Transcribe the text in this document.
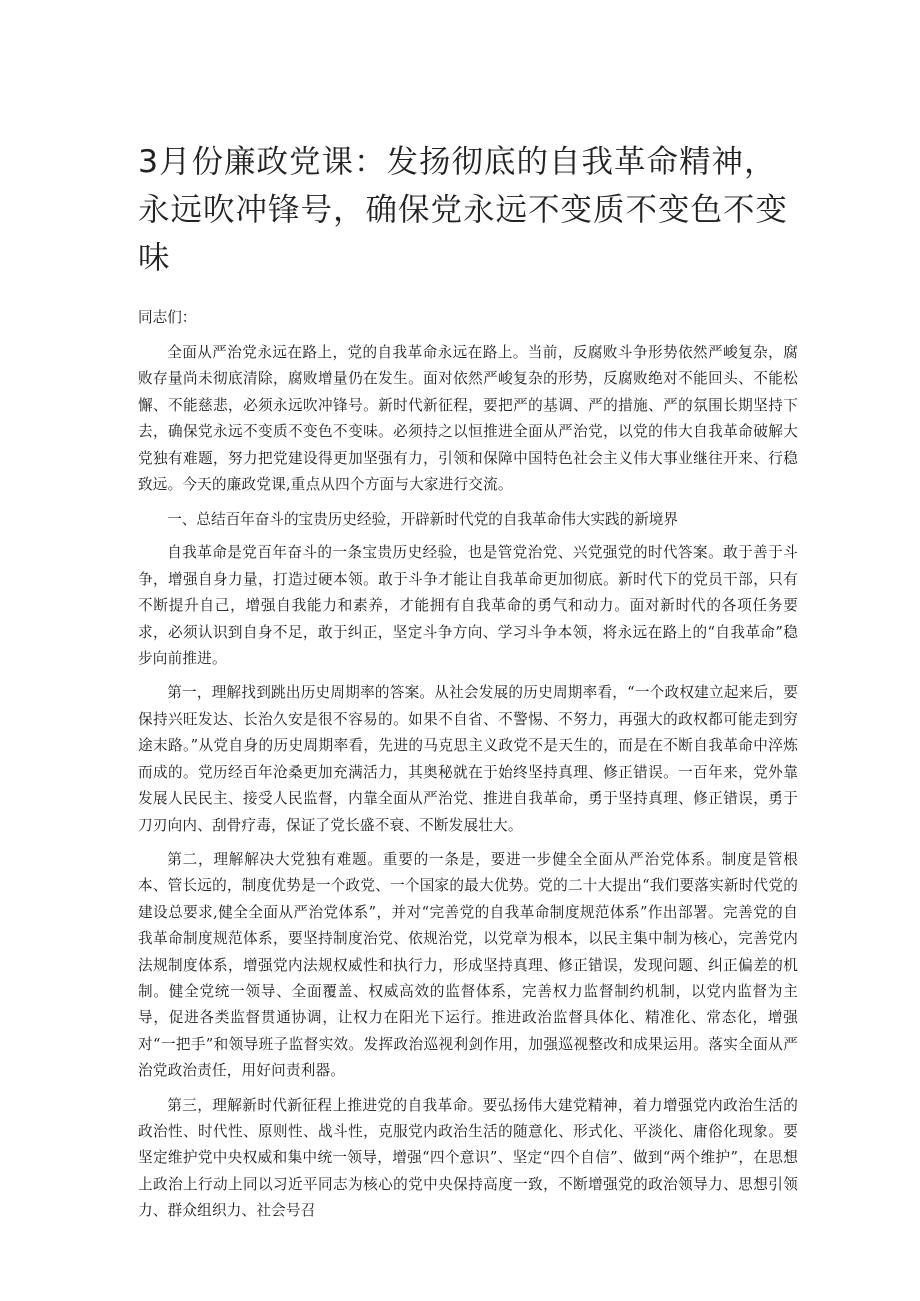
3月份廉政党课：发扬彻底的自我革命精神，永远吹冲锋号，确保党永远不变质不变色不变味

同志们：

全面从严治党永远在路上，党的自我革命永远在路上。当前，反腐败斗争形势依然严峻复杂，腐败存量尚未彻底清除，腐败增量仍在发生。面对依然严峻复杂的形势，反腐败绝对不能回头、不能松懈、不能慈悲，必须永远吹冲锋号。新时代新征程，要把严的基调、严的措施、严的氛围长期坚持下去，确保党永远不变质不变色不变味。必须持之以恒推进全面从严治党，以党的伟大自我革命破解大党独有难题，努力把党建设得更加坚强有力，引领和保障中国特色社会主义伟大事业继往开来、行稳致远。今天的廉政党课,重点从四个方面与大家进行交流。

一、总结百年奋斗的宝贵历史经验，开辟新时代党的自我革命伟大实践的新境界

自我革命是党百年奋斗的一条宝贵历史经验，也是管党治党、兴党强党的时代答案。敢于善于斗争，增强自身力量，打造过硬本领。敢于斗争才能让自我革命更加彻底。新时代下的党员干部，只有不断提升自己，增强自我能力和素养，才能拥有自我革命的勇气和动力。面对新时代的各项任务要求，必须认识到自身不足，敢于纠正，坚定斗争方向、学习斗争本领，将永远在路上的“自我革命”稳步向前推进。

第一，理解找到跳出历史周期率的答案。从社会发展的历史周期率看，“一个政权建立起来后，要保持兴旺发达、长治久安是很不容易的。如果不自省、不警惕、不努力，再强大的政权都可能走到穷途末路。”从党自身的历史周期率看，先进的马克思主义政党不是天生的，而是在不断自我革命中淬炼而成的。党历经百年沧桑更加充满活力，其奥秘就在于始终坚持真理、修正错误。一百年来，党外靠发展人民民主、接受人民监督，内靠全面从严治党、推进自我革命，勇于坚持真理、修正错误，勇于刀刃向内、刮骨疗毒，保证了党长盛不衰、不断发展壮大。

第二，理解解决大党独有难题。重要的一条是，要进一步健全全面从严治党体系。制度是管根本、管长远的，制度优势是一个政党、一个国家的最大优势。党的二十大提出“我们要落实新时代党的建设总要求,健全全面从严治党体系”，并对“完善党的自我革命制度规范体系”作出部署。完善党的自我革命制度规范体系，要坚持制度治党、依规治党，以党章为根本，以民主集中制为核心，完善党内法规制度体系，增强党内法规权威性和执行力，形成坚持真理、修正错误，发现问题、纠正偏差的机制。健全党统一领导、全面覆盖、权威高效的监督体系，完善权力监督制约机制，以党内监督为主导，促进各类监督贯通协调，让权力在阳光下运行。推进政治监督具体化、精准化、常态化，增强对“一把手”和领导班子监督实效。发挥政治巡视利剑作用，加强巡视整改和成果运用。落实全面从严治党政治责任，用好问责利器。

第三，理解新时代新征程上推进党的自我革命。要弘扬伟大建党精神，着力增强党内政治生活的政治性、时代性、原则性、战斗性，克服党内政治生活的随意化、形式化、平淡化、庸俗化现象。要坚定维护党中央权威和集中统一领导，增强“四个意识”、坚定“四个自信”、做到“两个维护”，在思想上政治上行动上同以习近平同志为核心的党中央保持高度一致，不断增强党的政治领导力、思想引领力、群众组织力、社会号召
